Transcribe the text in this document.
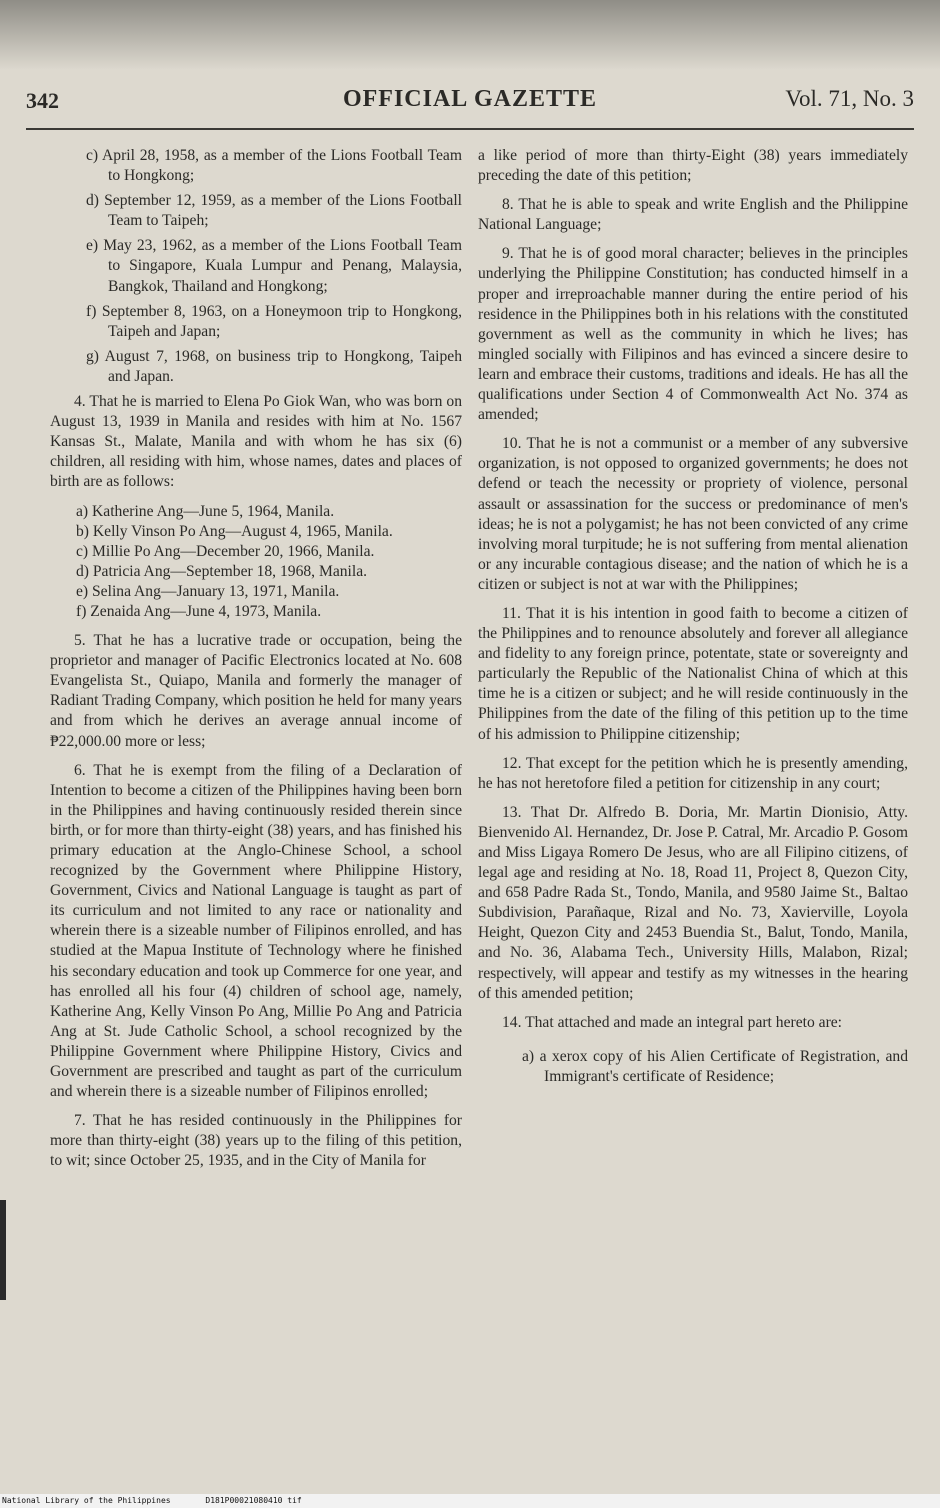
342	OFFICIAL GAZETTE	Vol. 71, No. 3

c) April 28, 1958, as a member of the Lions Football Team to Hongkong;

d) September 12, 1959, as a member of the Lions Football Team to Taipeh;

e) May 23, 1962, as a member of the Lions Football Team to Singapore, Kuala Lumpur and Penang, Malaysia, Bangkok, Thailand and Hongkong;

f) September 8, 1963, on a Honeymoon trip to Hongkong, Taipeh and Japan;

g) August 7, 1968, on business trip to Hongkong, Taipeh and Japan.

4. That he is married to Elena Po Giok Wan, who was born on August 13, 1939 in Manila and resides with him at No. 1567 Kansas St., Malate, Manila and with whom he has six (6) children, all residing with him, whose names, dates and places of birth are as follows:

a) Katherine Ang—June 5, 1964, Manila.

b) Kelly Vinson Po Ang—August 4, 1965, Manila.

c) Millie Po Ang—December 20, 1966, Manila.

d) Patricia Ang—September 18, 1968, Manila.

e) Selina Ang—January 13, 1971, Manila.

f) Zenaida Ang—June 4, 1973, Manila.

5. That he has a lucrative trade or occupation, being the proprietor and manager of Pacific Electronics located at No. 608 Evangelista St., Quiapo, Manila and formerly the manager of Radiant Trading Company, which position he held for many years and from which he derives an average annual income of ₱22,000.00 more or less;

6. That he is exempt from the filing of a Declaration of Intention to become a citizen of the Philippines having been born in the Philippines and having continuously resided therein since birth, or for more than thirty-eight (38) years, and has finished his primary education at the Anglo-Chinese School, a school recognized by the Government where Philippine History, Government, Civics and National Language is taught as part of its curriculum and not limited to any race or nationality and wherein there is a sizeable number of Filipinos enrolled, and has studied at the Mapua Institute of Technology where he finished his secondary education and took up Commerce for one year, and has enrolled all his four (4) children of school age, namely, Katherine Ang, Kelly Vinson Po Ang, Millie Po Ang and Patricia Ang at St. Jude Catholic School, a school recognized by the Philippine Government where Philippine History, Civics and Government are prescribed and taught as part of the curriculum and wherein there is a sizeable number of Filipinos enrolled;

7. That he has resided continuously in the Philippines for more than thirty-eight (38) years up to the filing of this petition, to wit; since October 25, 1935, and in the City of Manila for

a like period of more than thirty-Eight (38) years immediately preceding the date of this petition;

8. That he is able to speak and write English and the Philippine National Language;

9. That he is of good moral character; believes in the principles underlying the Philippine Constitution; has conducted himself in a proper and irreproachable manner during the entire period of his residence in the Philippines both in his relations with the constituted government as well as the community in which he lives; has mingled socially with Filipinos and has evinced a sincere desire to learn and embrace their customs, traditions and ideals. He has all the qualifications under Section 4 of Commonwealth Act No. 374 as amended;

10. That he is not a communist or a member of any subversive organization, is not opposed to organized governments; he does not defend or teach the necessity or propriety of violence, personal assault or assassination for the success or predominance of men's ideas; he is not a polygamist; he has not been convicted of any crime involving moral turpitude; he is not suffering from mental alienation or any incurable contagious disease; and the nation of which he is a citizen or subject is not at war with the Philippines;

11. That it is his intention in good faith to become a citizen of the Philippines and to renounce absolutely and forever all allegiance and fidelity to any foreign prince, potentate, state or sovereignty and particularly the Republic of the Nationalist China of which at this time he is a citizen or subject; and he will reside continuously in the Philippines from the date of the filing of this petition up to the time of his admission to Philippine citizenship;

12. That except for the petition which he is presently amending, he has not heretofore filed a petition for citizenship in any court;

13. That Dr. Alfredo B. Doria, Mr. Martin Dionisio, Atty. Bienvenido Al. Hernandez, Dr. Jose P. Catral, Mr. Arcadio P. Gosom and Miss Ligaya Romero De Jesus, who are all Filipino citizens, of legal age and residing at No. 18, Road 11, Project 8, Quezon City, and 658 Padre Rada St., Tondo, Manila, and 9580 Jaime St., Baltao Subdivision, Parañaque, Rizal and No. 73, Xavierville, Loyola Height, Quezon City and 2453 Buendia St., Balut, Tondo, Manila, and No. 36, Alabama Tech., University Hills, Malabon, Rizal; respectively, will appear and testify as my witnesses in the hearing of this amended petition;

14. That attached and made an integral part hereto are:

a) a xerox copy of his Alien Certificate of Registration, and Immigrant's certificate of Residence;

National Library of the Philippines	D181P00021080410 tif
